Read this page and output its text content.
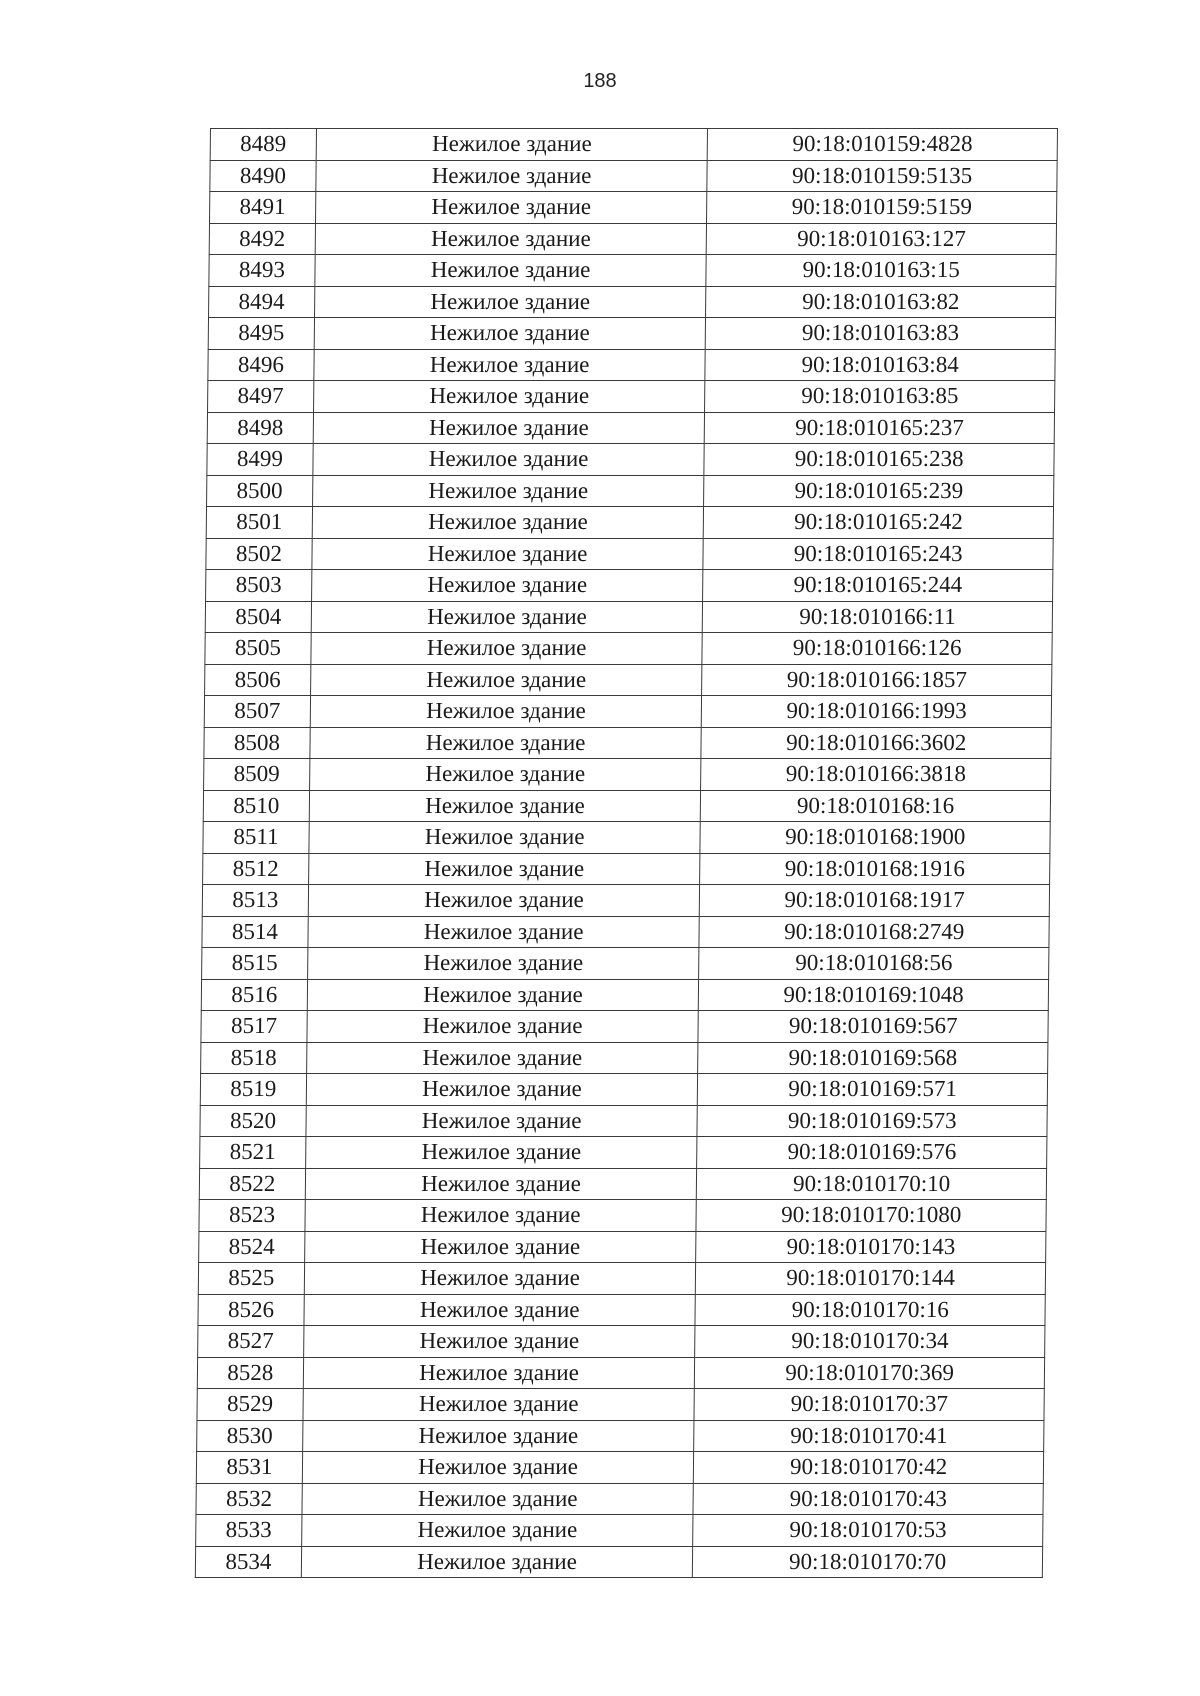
188
8489	Нежилое здание	90:18:010159:4828
8490	Нежилое здание	90:18:010159:5135
8491	Нежилое здание	90:18:010159:5159
8492	Нежилое здание	90:18:010163:127
8493	Нежилое здание	90:18:010163:15
8494	Нежилое здание	90:18:010163:82
8495	Нежилое здание	90:18:010163:83
8496	Нежилое здание	90:18:010163:84
8497	Нежилое здание	90:18:010163:85
8498	Нежилое здание	90:18:010165:237
8499	Нежилое здание	90:18:010165:238
8500	Нежилое здание	90:18:010165:239
8501	Нежилое здание	90:18:010165:242
8502	Нежилое здание	90:18:010165:243
8503	Нежилое здание	90:18:010165:244
8504	Нежилое здание	90:18:010166:11
8505	Нежилое здание	90:18:010166:126
8506	Нежилое здание	90:18:010166:1857
8507	Нежилое здание	90:18:010166:1993
8508	Нежилое здание	90:18:010166:3602
8509	Нежилое здание	90:18:010166:3818
8510	Нежилое здание	90:18:010168:16
8511	Нежилое здание	90:18:010168:1900
8512	Нежилое здание	90:18:010168:1916
8513	Нежилое здание	90:18:010168:1917
8514	Нежилое здание	90:18:010168:2749
8515	Нежилое здание	90:18:010168:56
8516	Нежилое здание	90:18:010169:1048
8517	Нежилое здание	90:18:010169:567
8518	Нежилое здание	90:18:010169:568
8519	Нежилое здание	90:18:010169:571
8520	Нежилое здание	90:18:010169:573
8521	Нежилое здание	90:18:010169:576
8522	Нежилое здание	90:18:010170:10
8523	Нежилое здание	90:18:010170:1080
8524	Нежилое здание	90:18:010170:143
8525	Нежилое здание	90:18:010170:144
8526	Нежилое здание	90:18:010170:16
8527	Нежилое здание	90:18:010170:34
8528	Нежилое здание	90:18:010170:369
8529	Нежилое здание	90:18:010170:37
8530	Нежилое здание	90:18:010170:41
8531	Нежилое здание	90:18:010170:42
8532	Нежилое здание	90:18:010170:43
8533	Нежилое здание	90:18:010170:53
8534	Нежилое здание	90:18:010170:70
